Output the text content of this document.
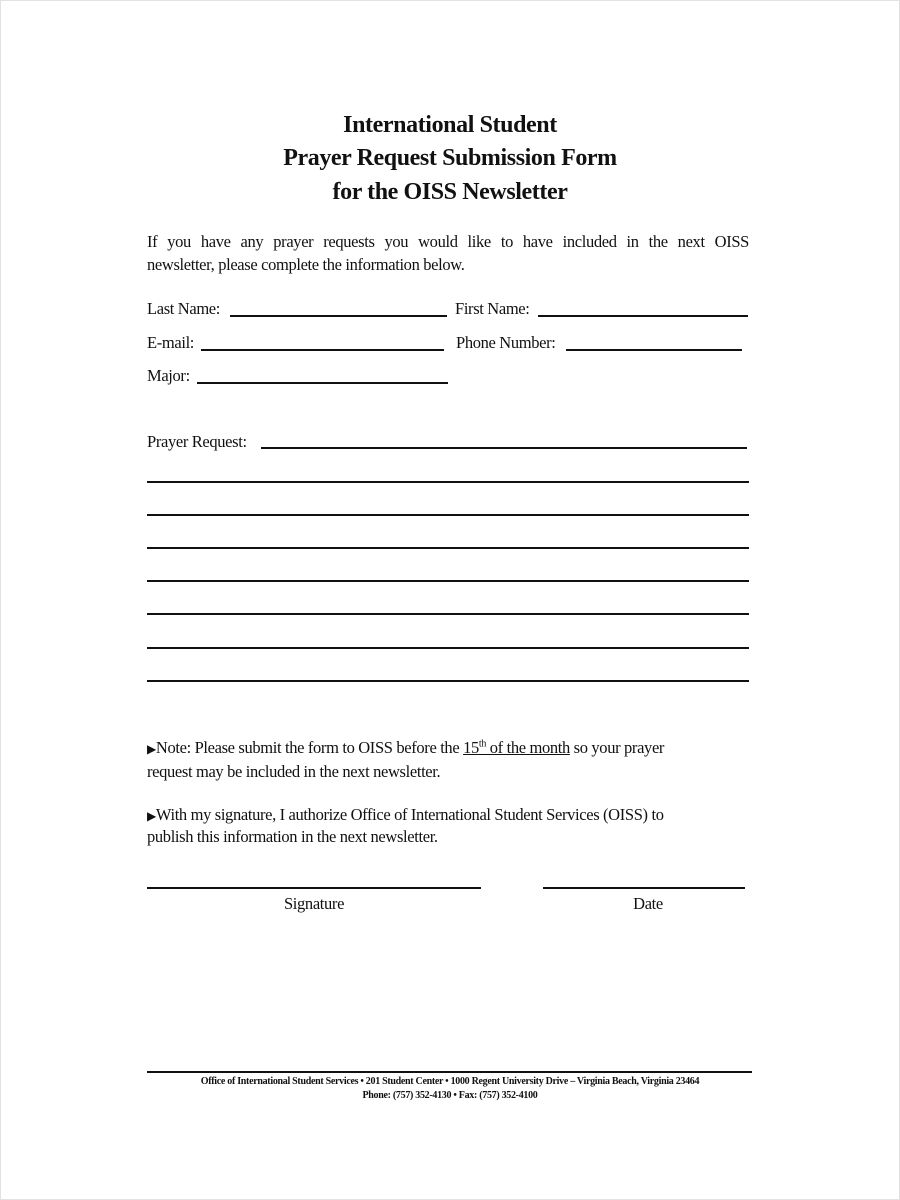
International Student
Prayer Request Submission Form
for the OISS Newsletter
If you have any prayer requests you would like to have included in the next OISS
newsletter, please complete the information below.
Last Name:	First Name:
E-mail:	Phone Number:
Major:
Prayer Request:
▶Note: Please submit the form to OISS before the 15th of the month so your prayer
request may be included in the next newsletter.
▶With my signature, I authorize Office of International Student Services (OISS) to
publish this information in the next newsletter.
Signature	Date
Office of International Student Services • 201 Student Center • 1000 Regent University Drive – Virginia Beach, Virginia 23464
Phone: (757) 352-4130 • Fax: (757) 352-4100
